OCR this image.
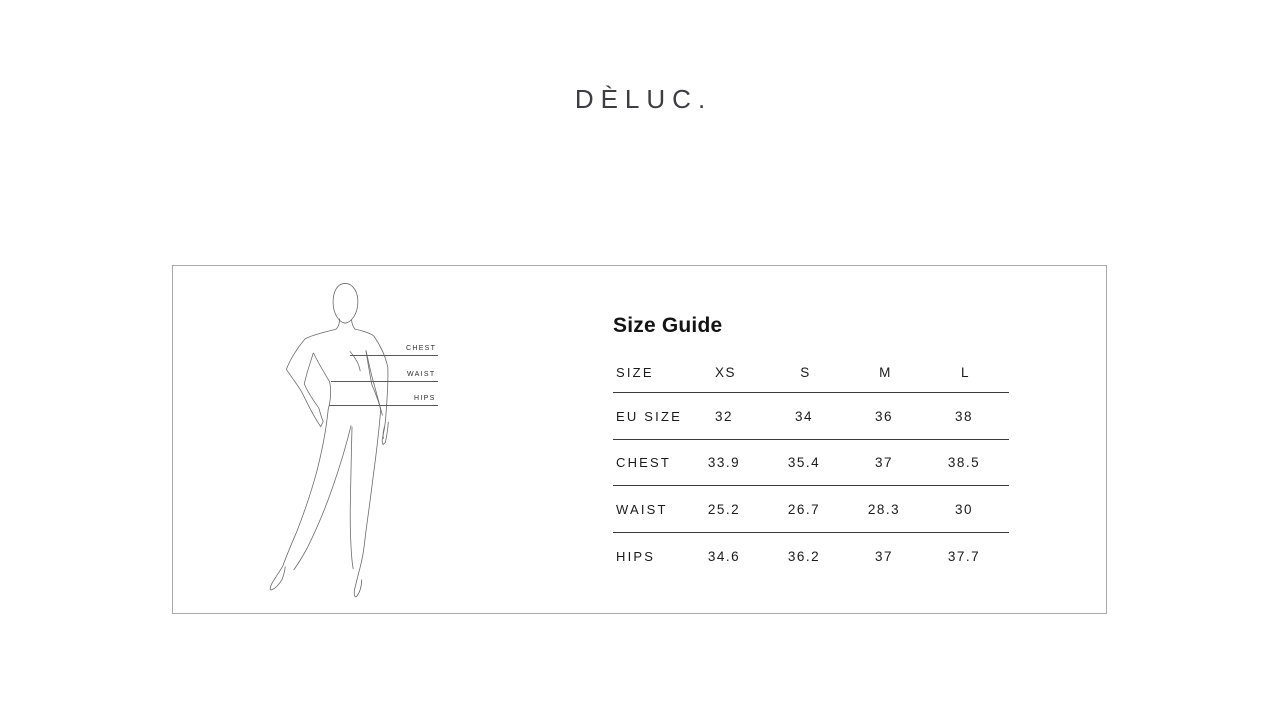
DÈLUC.
CHEST
WAIST
HIPS
Size Guide
SIZE	XS	S	M	L
EU SIZE	32	34	36	38
CHEST	33.9	35.4	37	38.5
WAIST	25.2	26.7	28.3	30
HIPS	34.6	36.2	37	37.7
